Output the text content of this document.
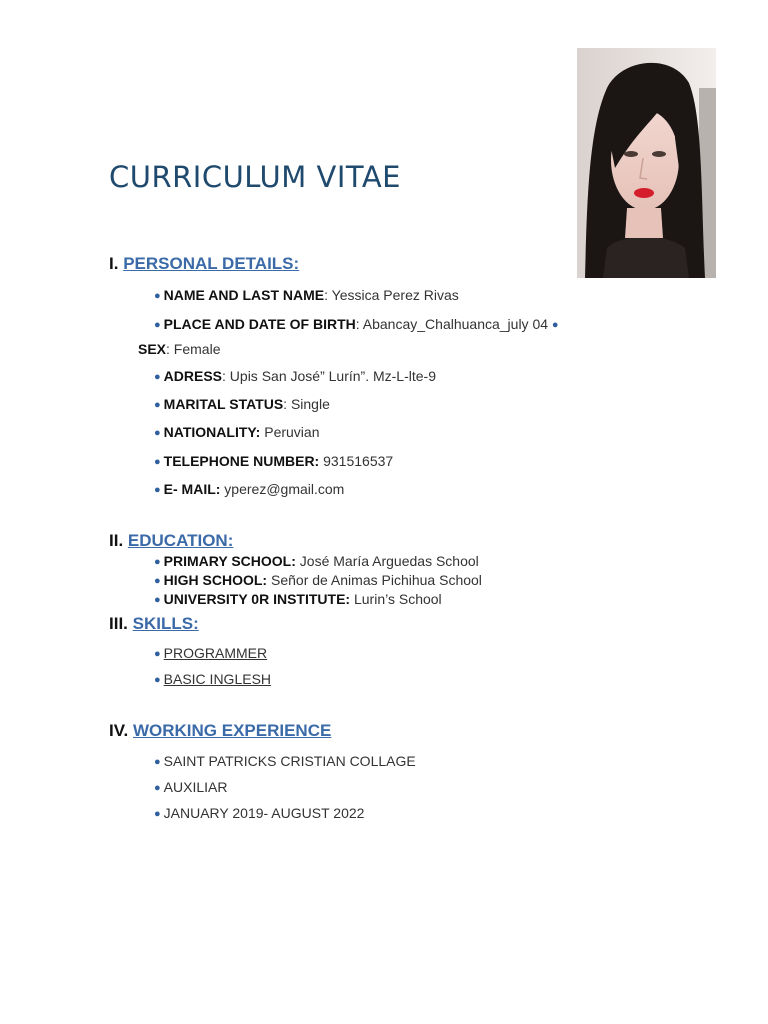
CURRICULUM VITAE
I. PERSONAL DETAILS:
● NAME AND LAST NAME: Yessica Perez Rivas
● PLACE AND DATE OF BIRTH: Abancay_Chalhuanca_july 04 ●
SEX: Female
● ADRESS: Upis San José” Lurín”. Mz-L-lte-9
● MARITAL STATUS: Single
● NATIONALITY: Peruvian
● TELEPHONE NUMBER: 931516537
● E- MAIL: yperez@gmail.com
II. EDUCATION:
● PRIMARY SCHOOL: José María Arguedas School
● HIGH SCHOOL: Señor de Animas Pichihua School
● UNIVERSITY 0R INSTITUTE: Lurin’s School
III. SKILLS:
● PROGRAMMER
● BASIC INGLESH
IV. WORKING EXPERIENCE
● SAINT PATRICKS CRISTIAN COLLAGE
● AUXILIAR
● JANUARY 2019- AUGUST 2022
